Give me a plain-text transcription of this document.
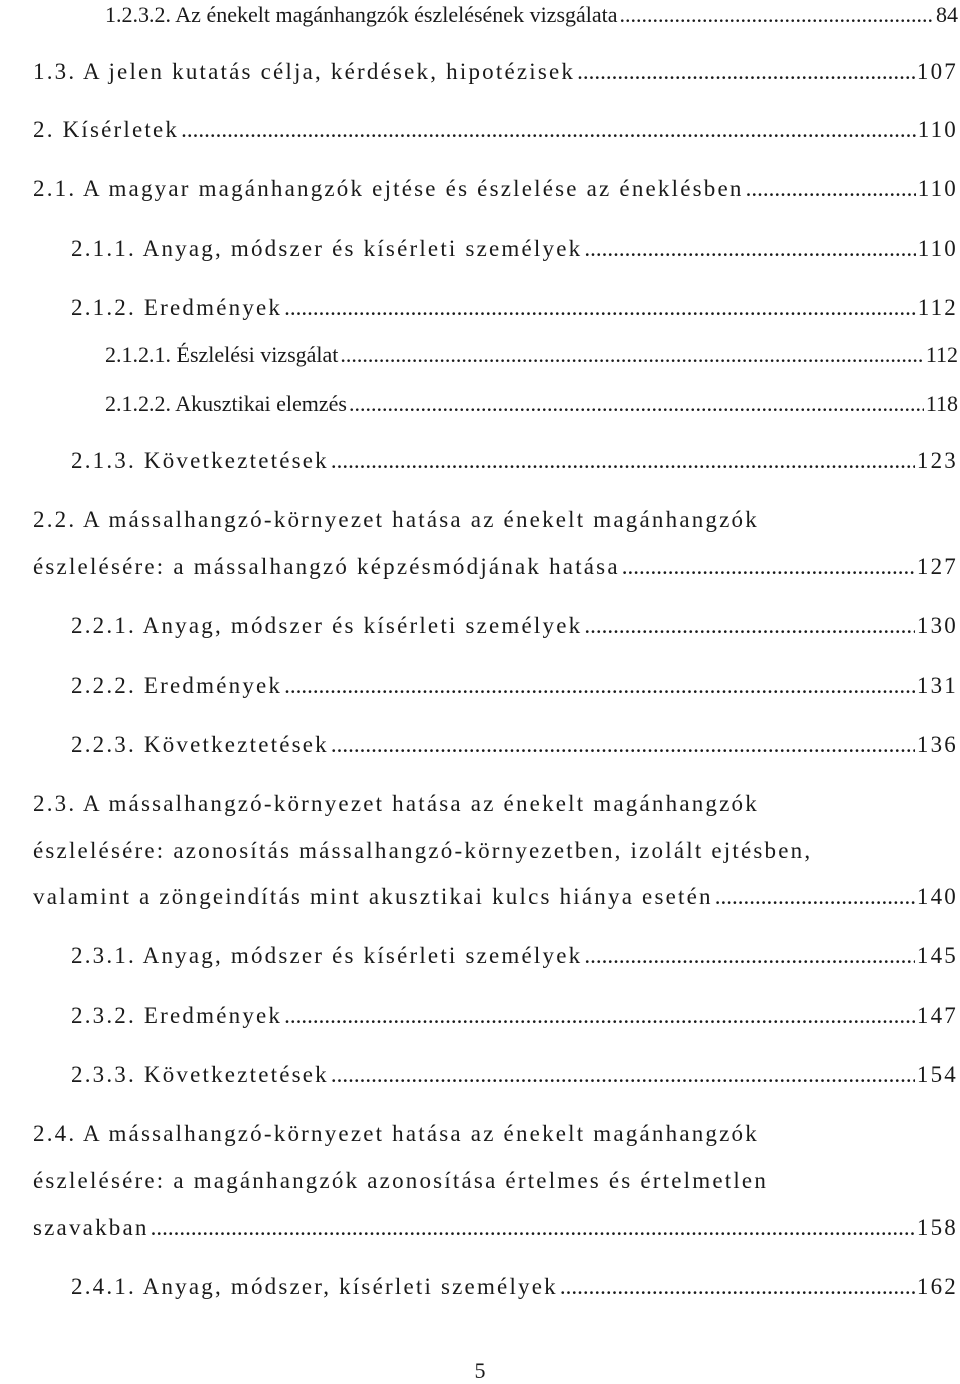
1.2.3.2. Az énekelt magánhangzók észlelésének vizsgálata .....	84
1.3. A jelen kutatás célja, kérdések, hipotézisek .....	107
2. Kísérletek .....	110
2.1. A magyar magánhangzók ejtése és észlelése az éneklésben .....	110
2.1.1. Anyag, módszer és kísérleti személyek .....	110
2.1.2. Eredmények .....	112
2.1.2.1. Észlelési vizsgálat .....	112
2.1.2.2. Akusztikai elemzés .....	118
2.1.3. Következtetések .....	123
2.2. A mássalhangzó-környezet hatása az énekelt magánhangzók
észlelésére: a mássalhangzó képzésmódjának hatása .....	127
2.2.1. Anyag, módszer és kísérleti személyek .....	130
2.2.2. Eredmények .....	131
2.2.3. Következtetések .....	136
2.3. A mássalhangzó-környezet hatása az énekelt magánhangzók
észlelésére: azonosítás mássalhangzó-környezetben, izolált ejtésben,
valamint a zöngeindítás mint akusztikai kulcs hiánya esetén .....	140
2.3.1. Anyag, módszer és kísérleti személyek .....	145
2.3.2. Eredmények .....	147
2.3.3. Következtetések .....	154
2.4. A mássalhangzó-környezet hatása az énekelt magánhangzók
észlelésére: a magánhangzók azonosítása értelmes és értelmetlen
szavakban .....	158
2.4.1. Anyag, módszer, kísérleti személyek .....	162
5
